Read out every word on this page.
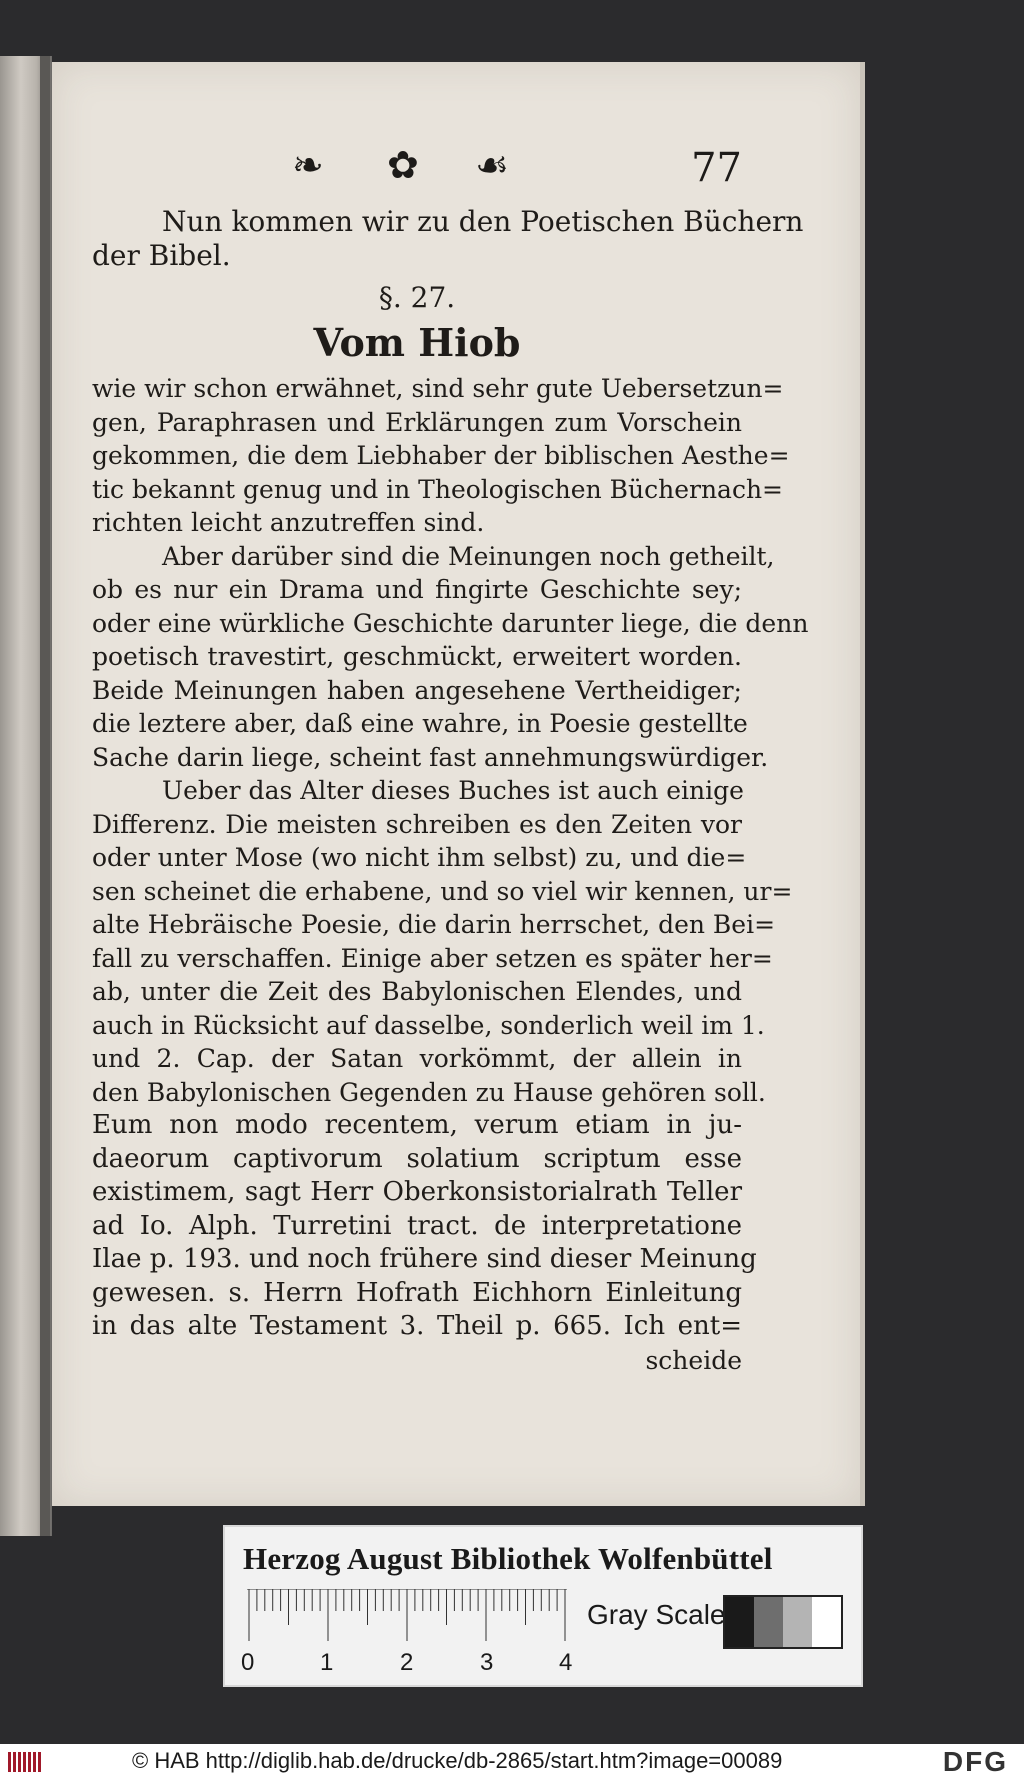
❧ ✿ ☙	77
Nun kommen wir zu den Poetischen Büchern
der Bibel.
§. 27.
Vom Hiob
wie wir schon erwähnet, sind sehr gute Uebersetzun=
gen, Paraphrasen und Erklärungen zum Vorschein
gekommen, die dem Liebhaber der biblischen Aesthe=
tic bekannt genug und in Theologischen Büchernach=
richten leicht anzutreffen sind.
Aber darüber sind die Meinungen noch getheilt,
ob es nur ein Drama und fingirte Geschichte sey;
oder eine würkliche Geschichte darunter liege, die denn
poetisch travestirt, geschmückt, erweitert worden.
Beide Meinungen haben angesehene Vertheidiger;
die leztere aber, daß eine wahre, in Poesie gestellte
Sache darin liege, scheint fast annehmungswürdiger.
Ueber das Alter dieses Buches ist auch einige
Differenz. Die meisten schreiben es den Zeiten vor
oder unter Mose (wo nicht ihm selbst) zu, und die=
sen scheinet die erhabene, und so viel wir kennen, ur=
alte Hebräische Poesie, die darin herrschet, den Bei=
fall zu verschaffen. Einige aber setzen es später her=
ab, unter die Zeit des Babylonischen Elendes, und
auch in Rücksicht auf dasselbe, sonderlich weil im 1.
und 2. Cap. der Satan vorkömmt, der allein in
den Babylonischen Gegenden zu Hause gehören soll.
Eum non modo recentem, verum etiam in ju-
daeorum captivorum solatium scriptum esse
existimem, sagt Herr Oberkonsistorialrath Teller
ad Io. Alph. Turretini tract. de interpretatione
Ilae p. 193. und noch frühere sind dieser Meinung
gewesen. s. Herrn Hofrath Eichhorn Einleitung
in das alte Testament 3. Theil p. 665. Ich ent=
scheide
Herzog August Bibliothek Wolfenbüttel
0	1	2	3	4
Gray Scale
© HAB http://diglib.hab.de/drucke/db-2865/start.htm?image=00089	DFG
